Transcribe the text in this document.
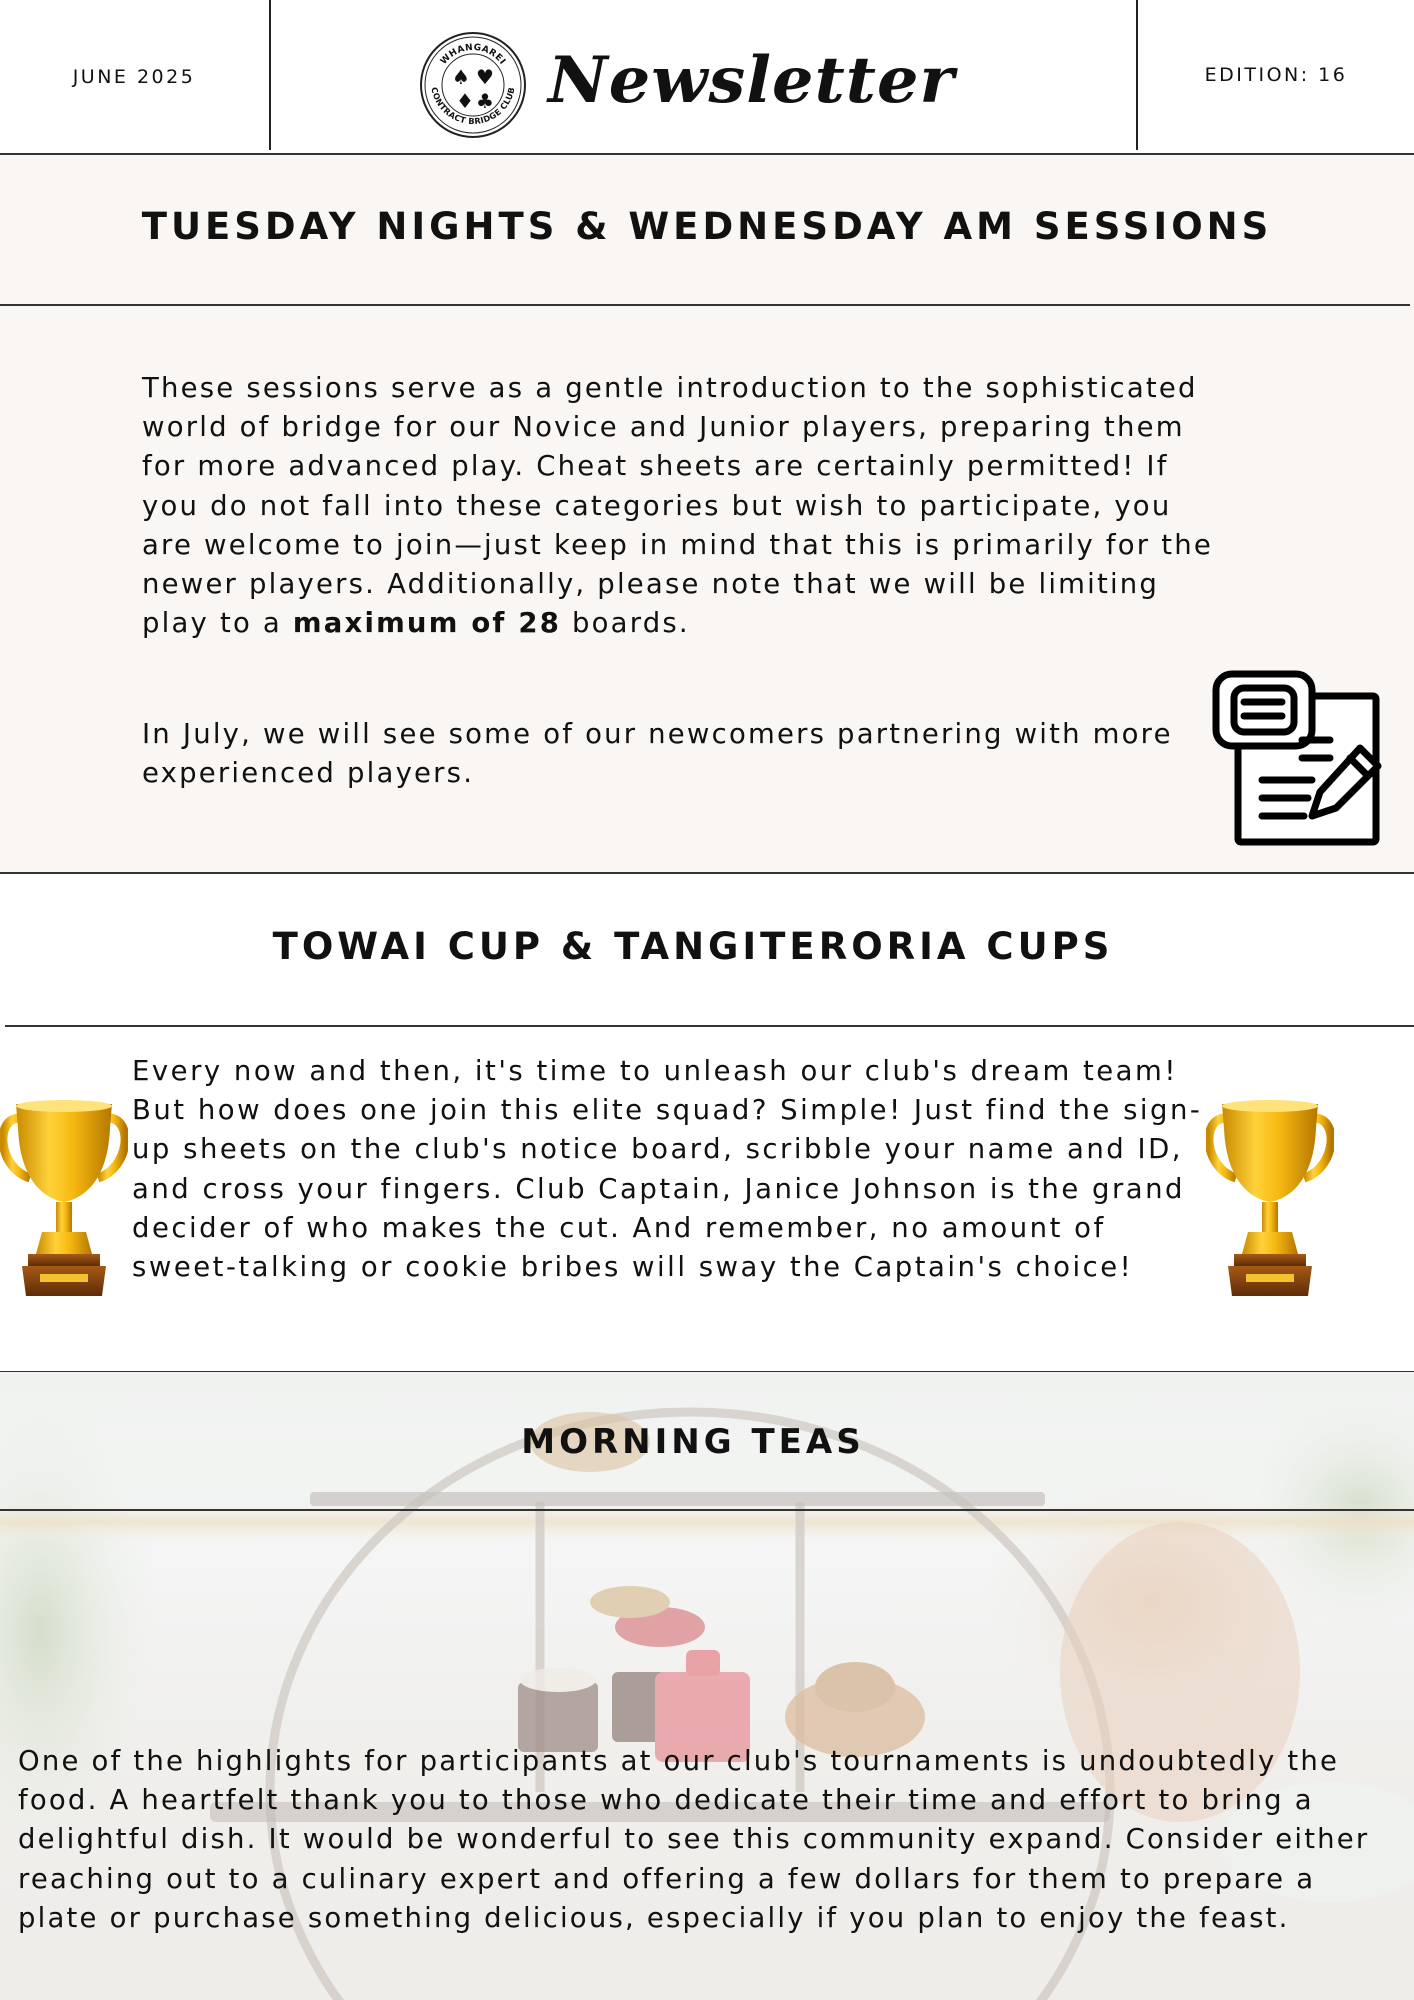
JUNE 2025
WHANGAREI
CONTRACT BRIDGE CLUB
♠ ♥
♦ ♣ Newsletter	EDITION: 16
TUESDAY NIGHTS & WEDNESDAY AM SESSIONS

These sessions serve as a gentle introduction to the sophisticated world of bridge for our Novice and Junior players, preparing them for more advanced play. Cheat sheets are certainly permitted! If you do not fall into these categories but wish to participate, you are welcome to join—just keep in mind that this is primarily for the newer players. Additionally, please note that we will be limiting play to a maximum of 28 boards.

In July, we will see some of our newcomers partnering with more experienced players.

TOWAI CUP & TANGITERORIA CUPS

Every now and then, it's time to unleash our club's dream team! But how does one join this elite squad? Simple! Just find the sign-up sheets on the club's notice board, scribble your name and ID, and cross your fingers. Club Captain, Janice Johnson is the grand decider of who makes the cut. And remember, no amount of sweet-talking or cookie bribes will sway the Captain's choice!

MORNING TEAS

One of the highlights for participants at our club's tournaments is undoubtedly the food. A heartfelt thank you to those who dedicate their time and effort to bring a delightful dish. It would be wonderful to see this community expand. Consider either reaching out to a culinary expert and offering a few dollars for them to prepare a plate or purchase something delicious, especially if you plan to enjoy the feast.
